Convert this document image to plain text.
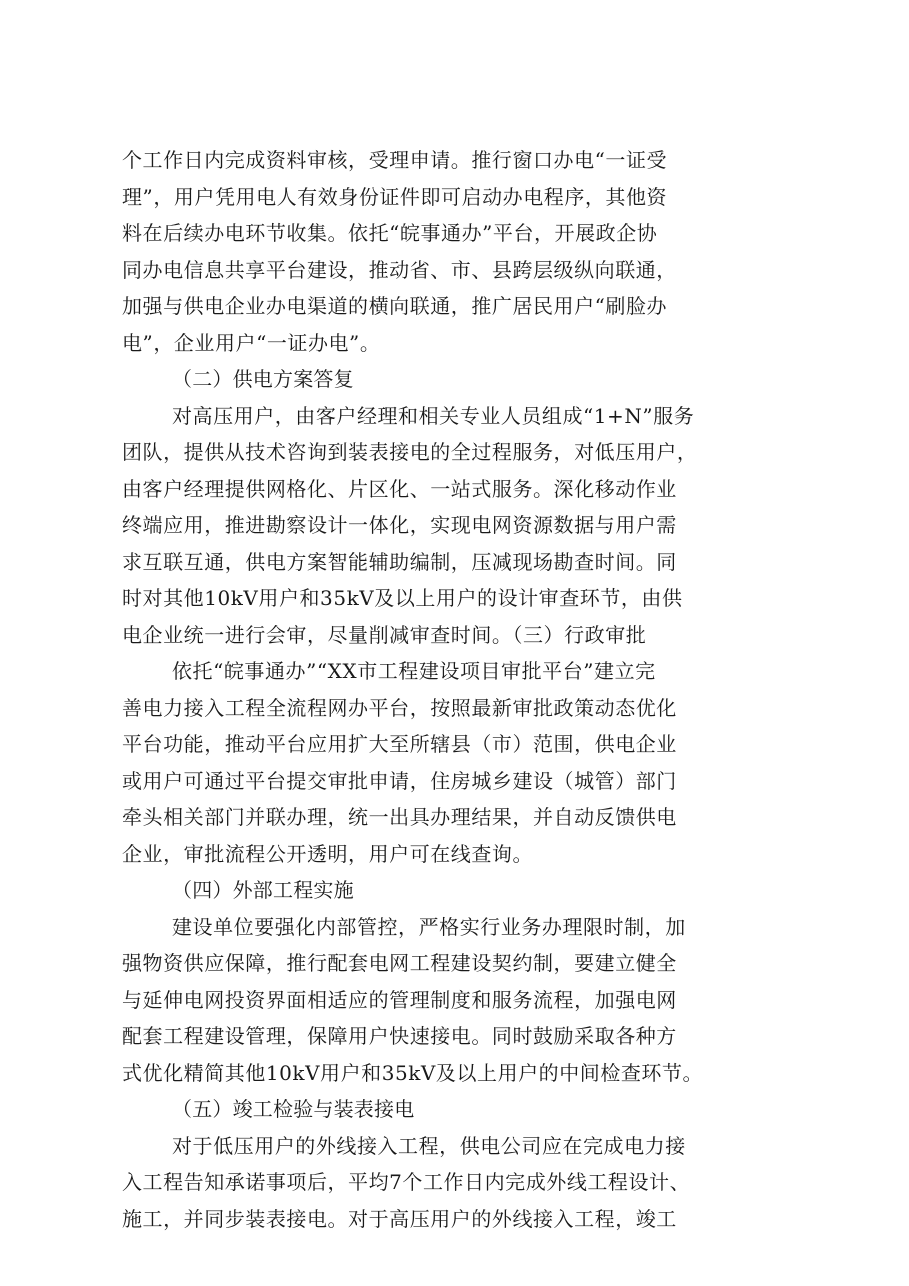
个工作日内完成资料审核，受理申请。推行窗口办电“一证受
理”，用户凭用电人有效身份证件即可启动办电程序，其他资
料在后续办电环节收集。依托“皖事通办”平台，开展政企协
同办电信息共享平台建设，推动省、市、县跨层级纵向联通，
加强与供电企业办电渠道的横向联通，推广居民用户“刷脸办
电”，企业用户“一证办电”。
（二）供电方案答复
对高压用户，由客户经理和相关专业人员组成“1+N”服务
团队，提供从技术咨询到装表接电的全过程服务，对低压用户，
由客户经理提供网格化、片区化、一站式服务。深化移动作业
终端应用，推进勘察设计一体化，实现电网资源数据与用户需
求互联互通，供电方案智能辅助编制，压减现场勘查时间。同
时对其他10kV用户和35kV及以上用户的设计审查环节，由供
电企业统一进行会审，尽量削减审查时间。（三）行政审批
依托“皖事通办”“XX市工程建设项目审批平台”建立完
善电力接入工程全流程网办平台，按照最新审批政策动态优化
平台功能，推动平台应用扩大至所辖县（市）范围，供电企业
或用户可通过平台提交审批申请，住房城乡建设（城管）部门
牵头相关部门并联办理，统一出具办理结果，并自动反馈供电
企业，审批流程公开透明，用户可在线查询。
（四）外部工程实施
建设单位要强化内部管控，严格实行业务办理限时制，加
强物资供应保障，推行配套电网工程建设契约制，要建立健全
与延伸电网投资界面相适应的管理制度和服务流程，加强电网
配套工程建设管理，保障用户快速接电。同时鼓励采取各种方
式优化精简其他10kV用户和35kV及以上用户的中间检查环节。
（五）竣工检验与装表接电
对于低压用户的外线接入工程，供电公司应在完成电力接
入工程告知承诺事项后，平均7个工作日内完成外线工程设计、
施工，并同步装表接电。对于高压用户的外线接入工程，竣工
